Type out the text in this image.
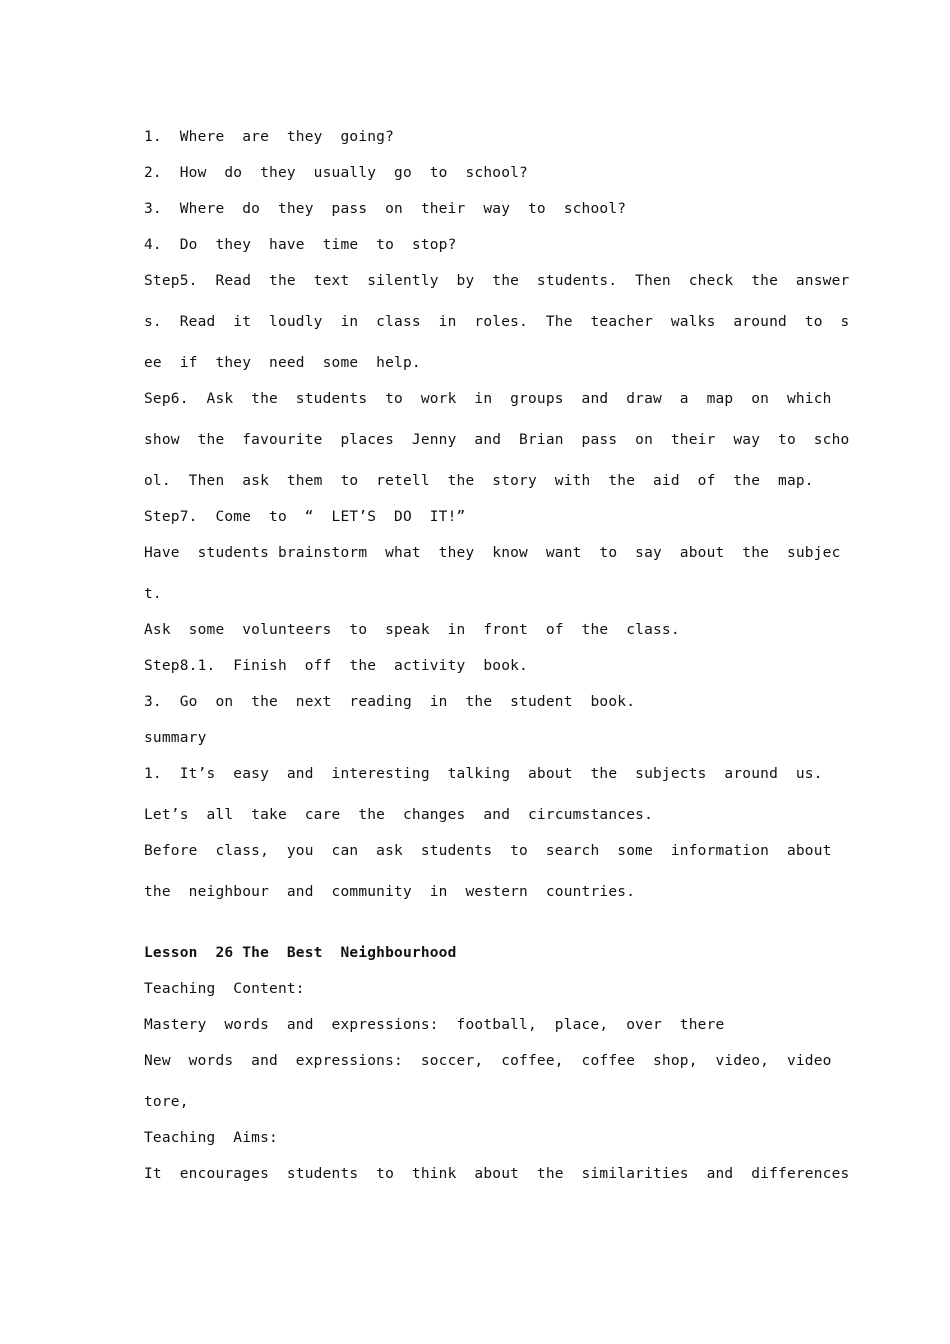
1.  Where  are  they  going?
2.  How  do  they  usually  go  to  school?
3.  Where  do  they  pass  on  their  way  to  school?
4.  Do  they  have  time  to  stop?
Step5.  Read  the  text  silently  by  the  students.  Then  check  the  answer
s.  Read  it  loudly  in  class  in  roles.  The  teacher  walks  around  to  s
ee  if  they  need  some  help.
Sep6.  Ask  the  students  to  work  in  groups  and  draw  a  map  on  which
show  the  favourite  places  Jenny  and  Brian  pass  on  their  way  to  scho
ol.  Then  ask  them  to  retell  the  story  with  the  aid  of  the  map.
Step7.  Come  to  “  LET’S  DO  IT!”
Have  students brainstorm  what  they  know  want  to  say  about  the  subjec
t.
Ask  some  volunteers  to  speak  in  front  of  the  class.
Step8.1.  Finish  off  the  activity  book.
3.  Go  on  the  next  reading  in  the  student  book.
summary
1.  It’s  easy  and  interesting  talking  about  the  subjects  around  us.
Let’s  all  take  care  the  changes  and  circumstances.
Before  class,  you  can  ask  students  to  search  some  information  about
the  neighbour  and  community  in  western  countries.
Lesson  26 The  Best  Neighbourhood
Teaching  Content:
Mastery  words  and  expressions:  football,  place,  over  there
New  words  and  expressions:  soccer,  coffee,  coffee  shop,  video,  video
tore,
Teaching  Aims:
It  encourages  students  to  think  about  the  similarities  and  differences
